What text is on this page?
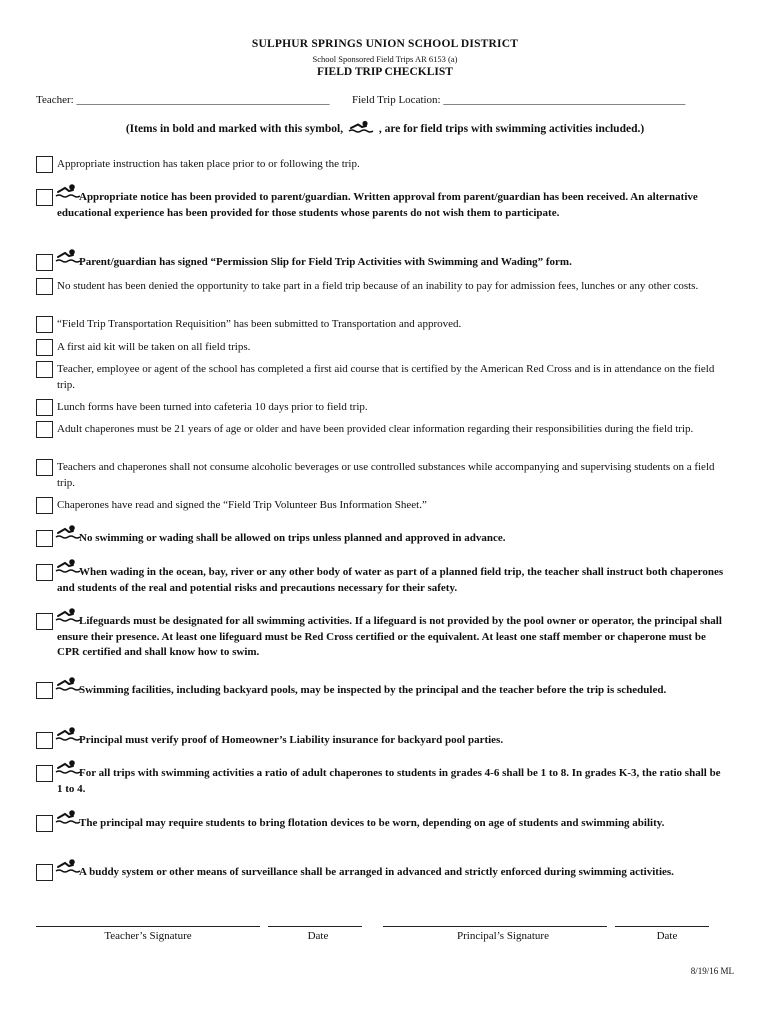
SULPHUR SPRINGS UNION SCHOOL DISTRICT
School Sponsored Field Trips AR 6153 (a)
FIELD TRIP CHECKLIST
Teacher: ______________________________________________ Field Trip Location: ____________________________________________
(Items in bold and marked with this symbol,	, are for field trips with swimming activities included.)
Appropriate instruction has taken place prior to or following the trip.
Appropriate notice has been provided to parent/guardian. Written approval from parent/guardian has been received. An alternative educational experience has been provided for those students whose parents do not wish them to participate.
Parent/guardian has signed “Permission Slip for Field Trip Activities with Swimming and Wading” form.
No student has been denied the opportunity to take part in a field trip because of an inability to pay for admission fees, lunches or any other costs.
“Field Trip Transportation Requisition” has been submitted to Transportation and approved.
A first aid kit will be taken on all field trips.
Teacher, employee or agent of the school has completed a first aid course that is certified by the American Red Cross and is in attendance on the field trip.
Lunch forms have been turned into cafeteria 10 days prior to field trip.
Adult chaperones must be 21 years of age or older and have been provided clear information regarding their responsibilities during the field trip.
Teachers and chaperones shall not consume alcoholic beverages or use controlled substances while accompanying and supervising students on a field trip.
Chaperones have read and signed the “Field Trip Volunteer Bus Information Sheet.”
No swimming or wading shall be allowed on trips unless planned and approved in advance.
When wading in the ocean, bay, river or any other body of water as part of a planned field trip, the teacher shall instruct both chaperones and students of the real and potential risks and precautions necessary for their safety.
Lifeguards must be designated for all swimming activities. If a lifeguard is not provided by the pool owner or operator, the principal shall ensure their presence. At least one lifeguard must be Red Cross certified or the equivalent. At least one staff member or chaperone must be CPR certified and shall know how to swim.
Swimming facilities, including backyard pools, may be inspected by the principal and the teacher before the trip is scheduled.
Principal must verify proof of Homeowner’s Liability insurance for backyard pool parties.
For all trips with swimming activities a ratio of adult chaperones to students in grades 4-6 shall be 1 to 8. In grades K-3, the ratio shall be 1 to 4.
The principal may require students to bring flotation devices to be worn, depending on age of students and swimming ability.
A buddy system or other means of surveillance shall be arranged in advanced and strictly enforced during swimming activities.
Teacher’s Signature	Date	Principal’s Signature	Date
8/19/16 ML
